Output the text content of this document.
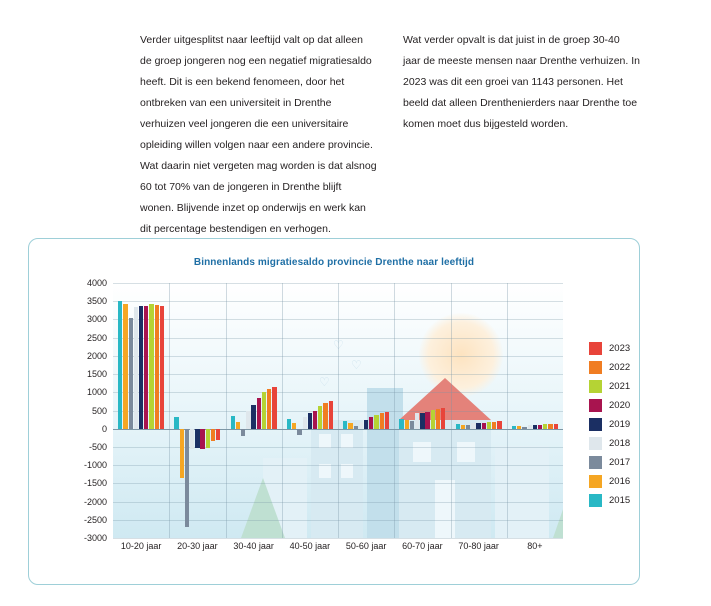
Verder uitgesplitst naar leeftijd valt op dat alleen de groep jongeren nog een negatief migratiesaldo heeft. Dit is een bekend fenomeen, door het ontbreken van een universiteit in Drenthe verhuizen veel jongeren die een universitaire opleiding willen volgen naar een andere provincie. Wat daarin niet vergeten mag worden is dat alsnog 60 tot 70% van de jongeren in Drenthe blijft wonen. Blijvende inzet op onderwijs en werk kan dit percentage bestendigen en verhogen.

Wat verder opvalt is dat juist in de groep 30-40 jaar de meeste mensen naar Drenthe verhuizen. In 2023 was dit een groei van 1143 personen. Het beeld dat alleen Drenthenierders naar Drenthe toe komen moet dus bijgesteld worden.

Binnenlands migratiesaldo provincie Drenthe naar leeftijd
♡
♡
♡
4000
3500
3000
2500
2000
1500
1000
500
0
-500
-1000
-1500
-2000
-2500
-3000
10-20 jaar 20-30 jaar 30-40 jaar 40-50 jaar 50-60 jaar 60-70 jaar 70-80 jaar	80+
2023
2022
2021
2020
2019
2018
2017
2016
2015
